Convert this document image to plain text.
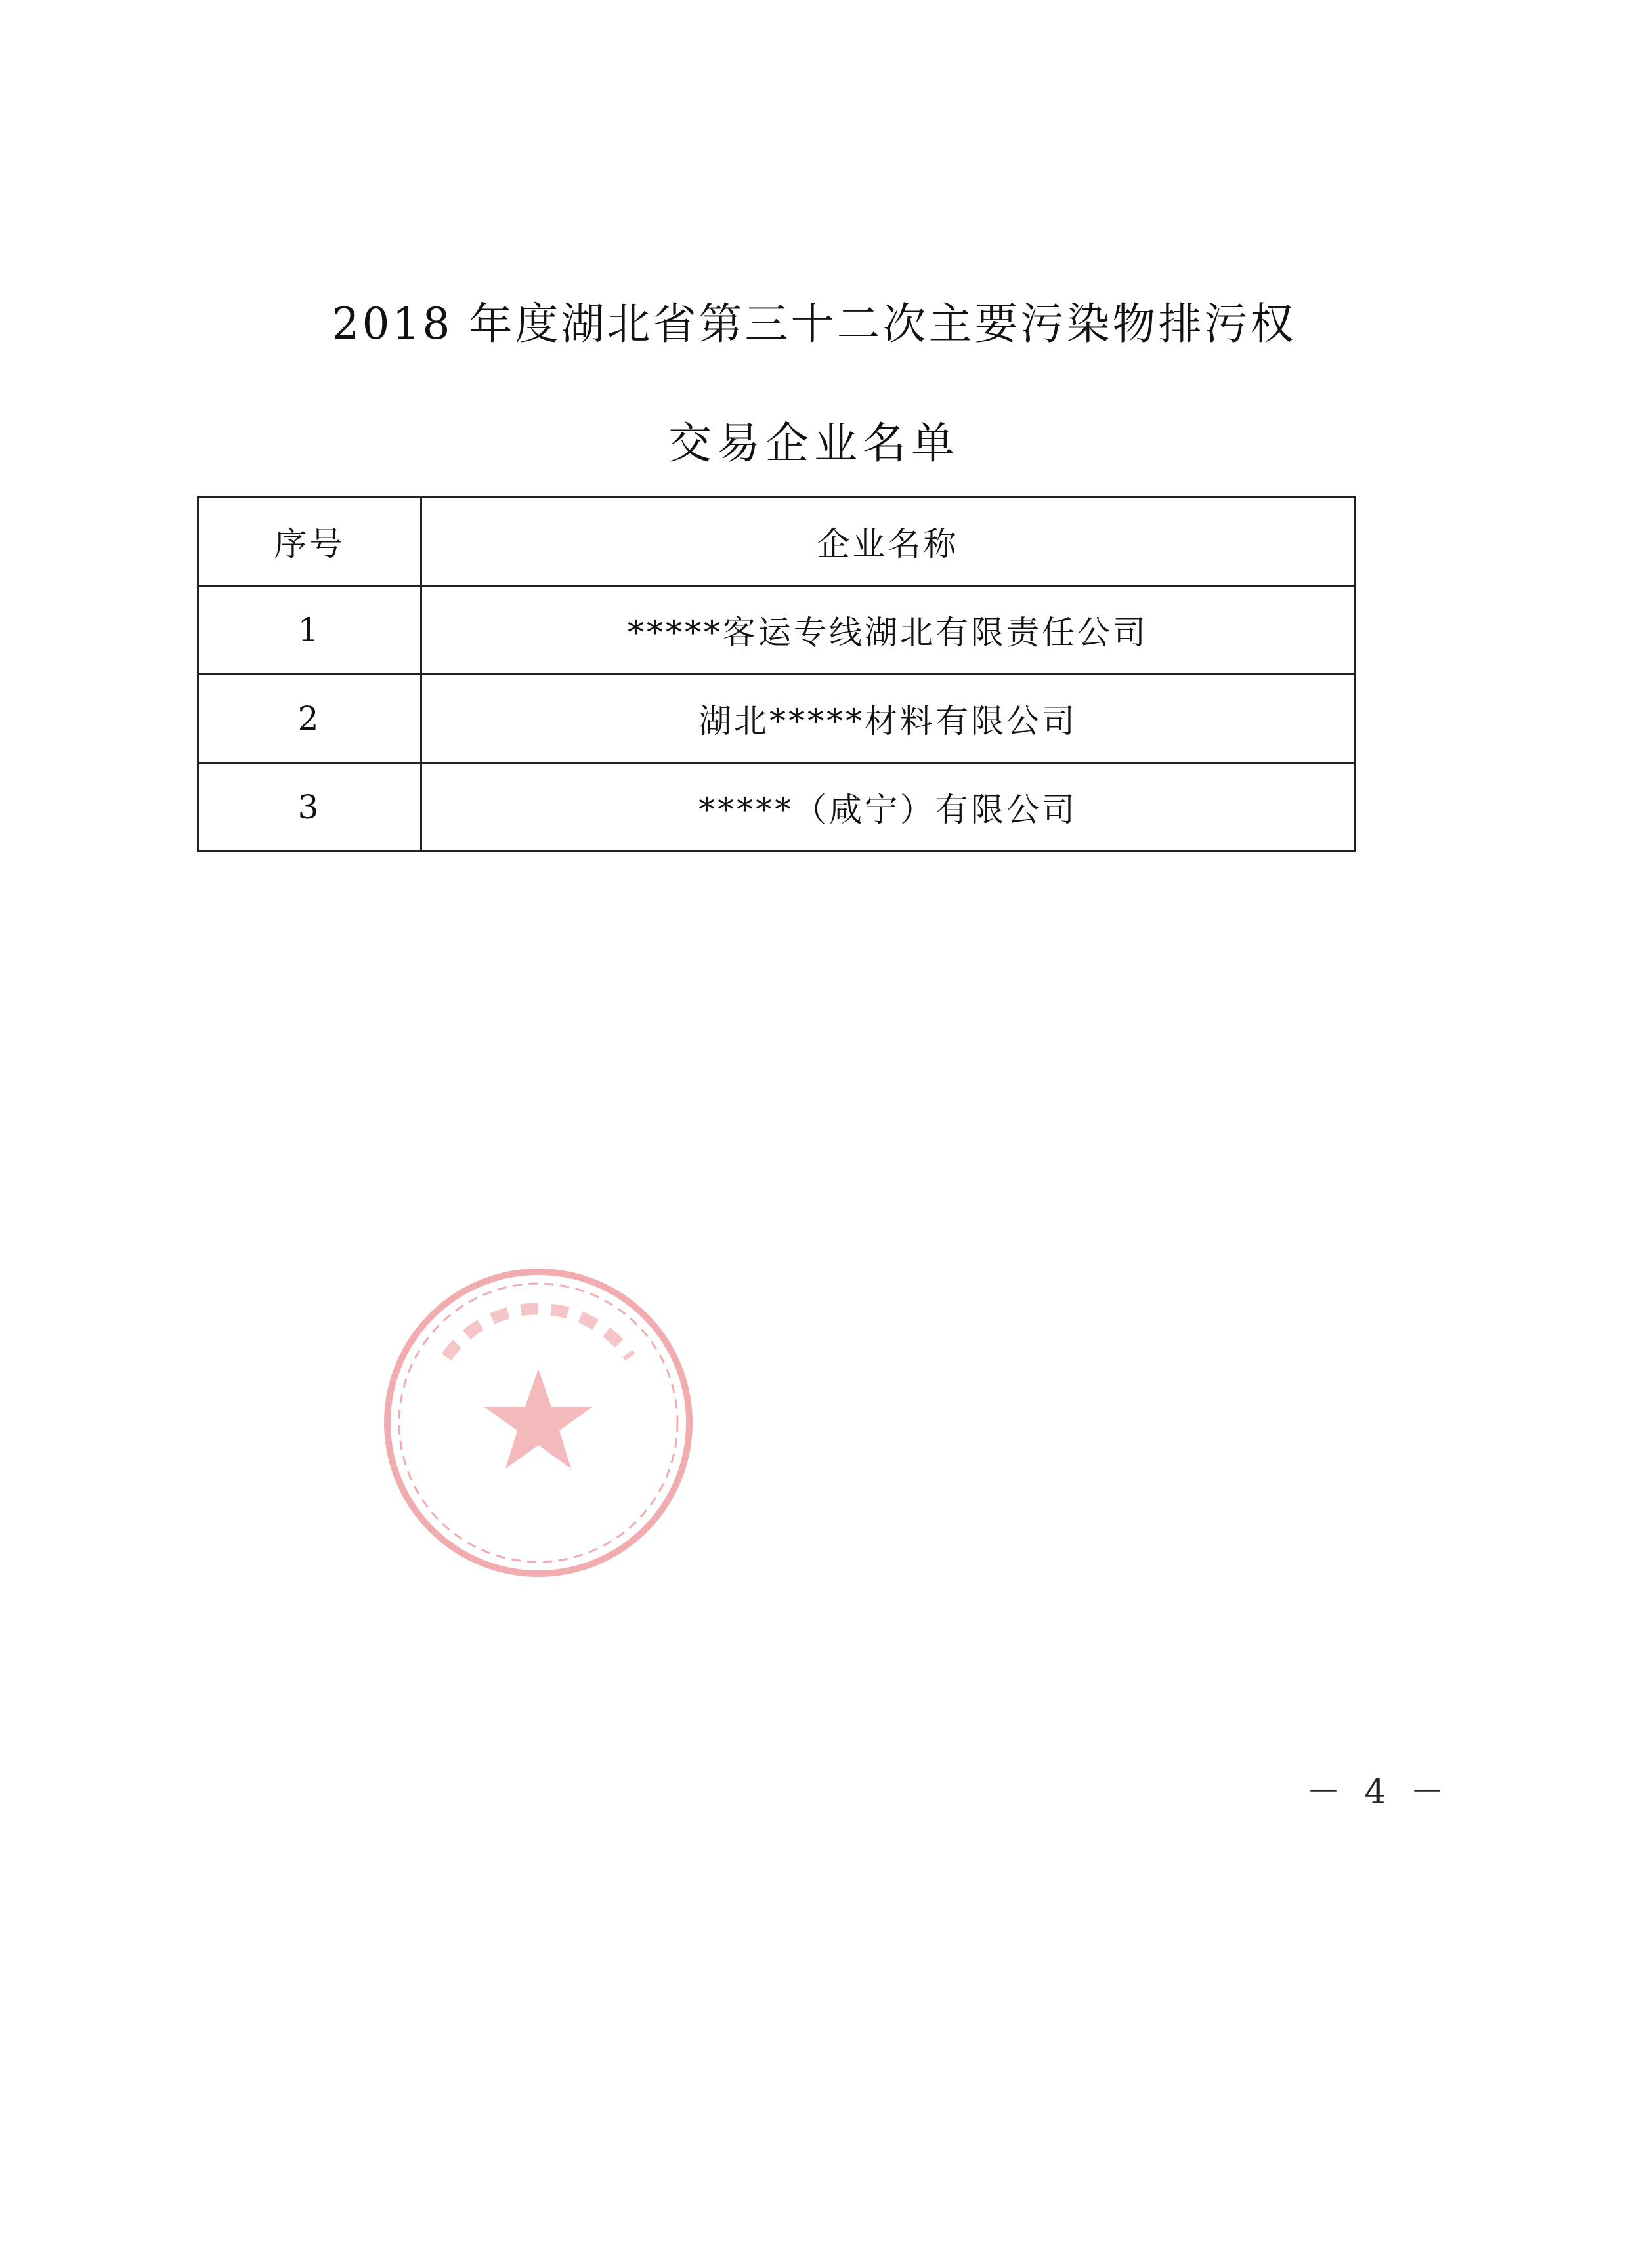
2018 年度湖北省第三十二次主要污染物排污权
交易企业名单
序号	企业名称
1	*****客运专线湖北有限责任公司
2	湖北*****材料有限公司
3	*****（咸宁）有限公司
－ 4 －
